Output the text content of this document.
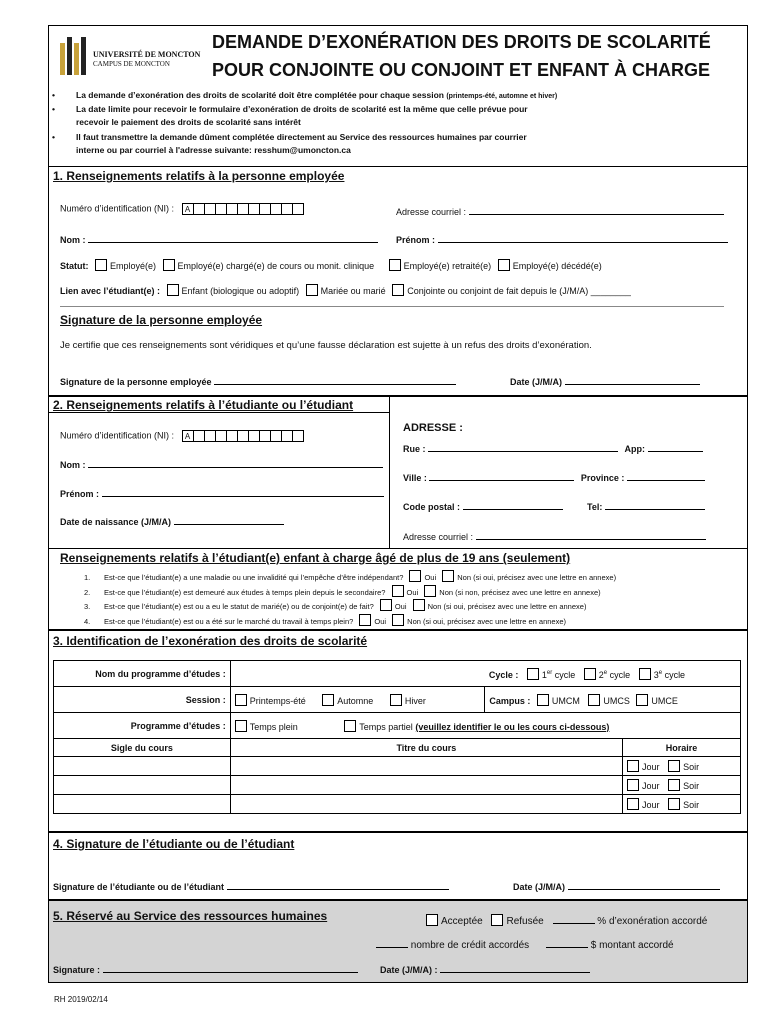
UNIVERSITÉ DE MONCTON
CAMPUS DE MONCTON
DEMANDE D’EXONÉRATION DES DROITS DE SCOLARITÉ
POUR CONJOINTE OU CONJOINT ET ENFANT À CHARGE
• La demande d’exonération des droits de scolarité doit être complétée pour chaque session (printemps-été, automne et hiver)
• La date limite pour recevoir le formulaire d’exonération de droits de scolarité est la même que celle prévue pour
recevoir le paiement des droits de scolarité sans intérêt
• Il faut transmettre la demande dûment complétée directement au Service des ressources humaines par courrier
interne ou par courriel à l'adresse suivante: resshum@umoncton.ca
1. Renseignements relatifs à la personne employée
Numéro d’identification (NI) :	A	Adresse courriel :
Nom :	Prénom :
Statut: Employé(e) Employé(e) chargé(e) de cours ou monit. clinique	Employé(e) retraité(e) Employé(e) décédé(e)
Lien avec l’étudiant(e) : Enfant (biologique ou adoptif) Mariée ou marié Conjointe ou conjoint de fait depuis le (J/M/A) ________
Signature de la personne employée
Je certifie que ces renseignements sont véridiques et qu’une fausse déclaration est sujette à un refus des droits d’exonération.
Signature de la personne employée	Date (J/M/A)
2. Renseignements relatifs à l’étudiante ou l’étudiant
Numéro d’identification (NI) :	A
Nom :
Prénom :
Date de naissance (J/M/A)
ADRESSE :
Rue :	App:
Ville :	Province :
Code postal :	Tel:
Adresse courriel :
Renseignements relatifs à l’étudiant(e) enfant à charge âgé de plus de 19 ans (seulement)
1. Est-ce que l’étudiant(e) a une maladie ou une invalidité qui l’empêche d’être indépendant?	Oui	Non (si oui, précisez avec une lettre en annexe)
2. Est-ce que l’étudiant(e) est demeuré aux études à temps plein depuis le secondaire?	Oui	Non (si non, précisez avec une lettre en annexe)
3. Est-ce que l’étudiant(e) est ou a eu le statut de marié(e) ou de conjoint(e) de fait?	Oui	Non (si oui, précisez avec une lettre en annexe)
4. Est-ce que l’étudiant(e) est ou a été sur le marché du travail à temps plein?	Oui	Non (si oui, précisez avec une lettre en annexe)
3. Identification de l’exonération des droits de scolarité
Nom du programme d’études :		Cycle : 1er cycle 2e cycle 3e cycle	
Session :	Printemps-été Automne Hiver	Campus : UMCM UMCS UMCE	
Programme d’études :	Temps plein Temps partiel (veuillez identifier le ou les cours ci-dessous)		
Sigle du cours	Titre du cours		Horaire
			Jour Soir
			Jour Soir
			Jour Soir
4. Signature de l’étudiante ou de l’étudiant
Signature de l’étudiante ou de l’étudiant	Date (J/M/A)
5. Réservé au Service des ressources humaines	Acceptée Refusée	% d’exonération accordé
nombre de crédit accordés	$ montant accordé
Signature :	Date (J/M/A) :
RH 2019/02/14
